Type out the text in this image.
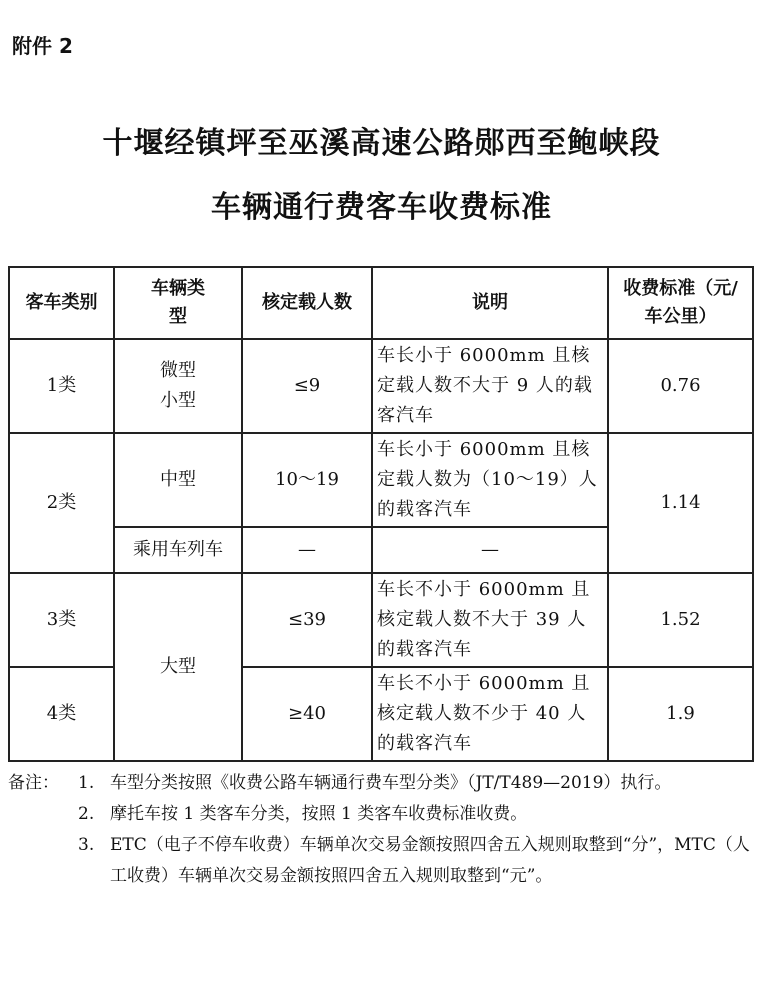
附件 2
十堰经镇坪至巫溪高速公路郧西至鲍峡段
车辆通行费客车收费标准
客车类别	车辆类型	核定载人数	说明	收费标准（元/车公里）
1类	微型小型	≤9	车长小于 6000mm 且核定载人数不大于 9 人的载客汽车	0.76
2类	中型	10～19	车长小于 6000mm 且核定载人数为（10～19）人的载客汽车	1.14
	乘用车列车	—	—	
3类	大型	≤39	车长不小于 6000mm 且核定载人数不大于 39 人的载客汽车	1.52
4类		≥40	车长不小于 6000mm 且核定载人数不少于 40 人的载客汽车	1.9
备注：	1. 车型分类按照《收费公路车辆通行费车型分类》（JT/T489—2019）执行。
2. 摩托车按 1 类客车分类，按照 1 类客车收费标准收费。
3. ETC（电子不停车收费）车辆单次交易金额按照四舍五入规则取整到“分”，MTC（人工收费）车辆单次交易金额按照四舍五入规则取整到“元”。
